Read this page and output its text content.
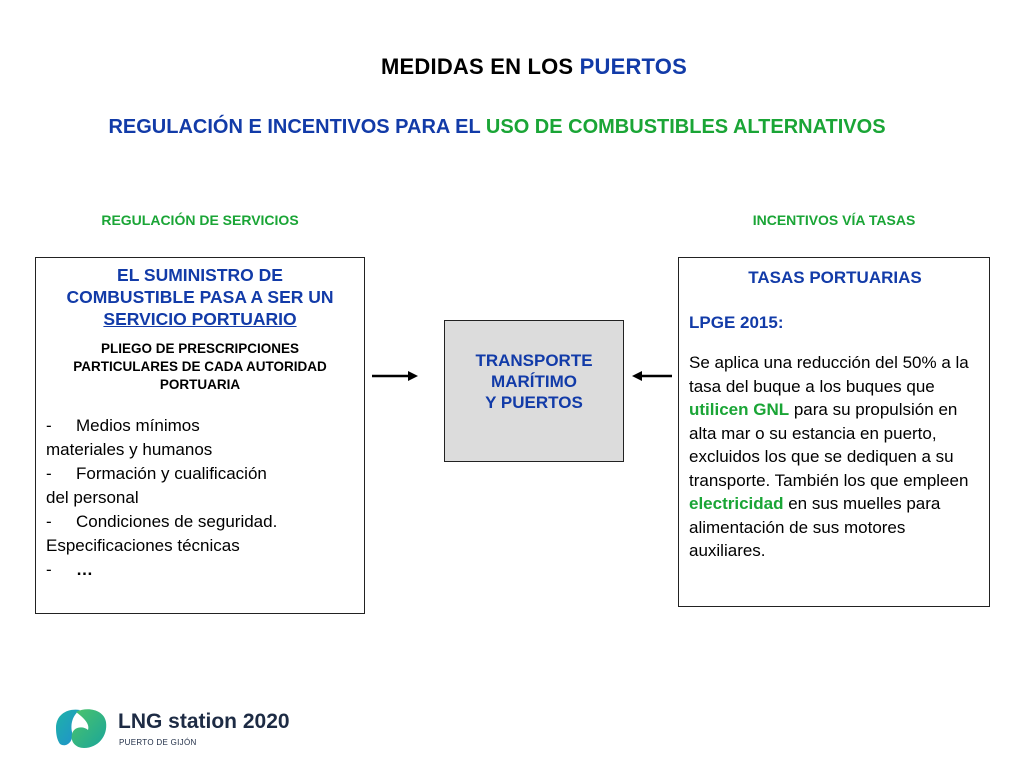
MEDIDAS EN LOS PUERTOS
REGULACIÓN E INCENTIVOS PARA EL USO DE COMBUSTIBLES ALTERNATIVOS
REGULACIÓN DE SERVICIOS	INCENTIVOS VÍA TASAS
EL SUMINISTRO DE
COMBUSTIBLE PASA A SER UN
SERVICIO PORTUARIO
PLIEGO DE PRESCRIPCIONES
PARTICULARES DE CADA AUTORIDAD
PORTUARIA
-	Medios mínimos
materiales y humanos
-	Formación y cualificación
del personal
-	Condiciones de seguridad.
Especificaciones técnicas
-	…
TRANSPORTE
MARÍTIMO
Y PUERTOS
TASAS PORTUARIAS
LPGE 2015:
Se aplica una reducción del 50% a la tasa del buque a los buques que utilicen GNL para su propulsión en alta mar o su estancia en puerto, excluidos los que se dediquen a su transporte. También los que empleen electricidad en sus muelles para alimentación de sus motores auxiliares.
LNG station 2020
PUERTO DE GIJÓN
